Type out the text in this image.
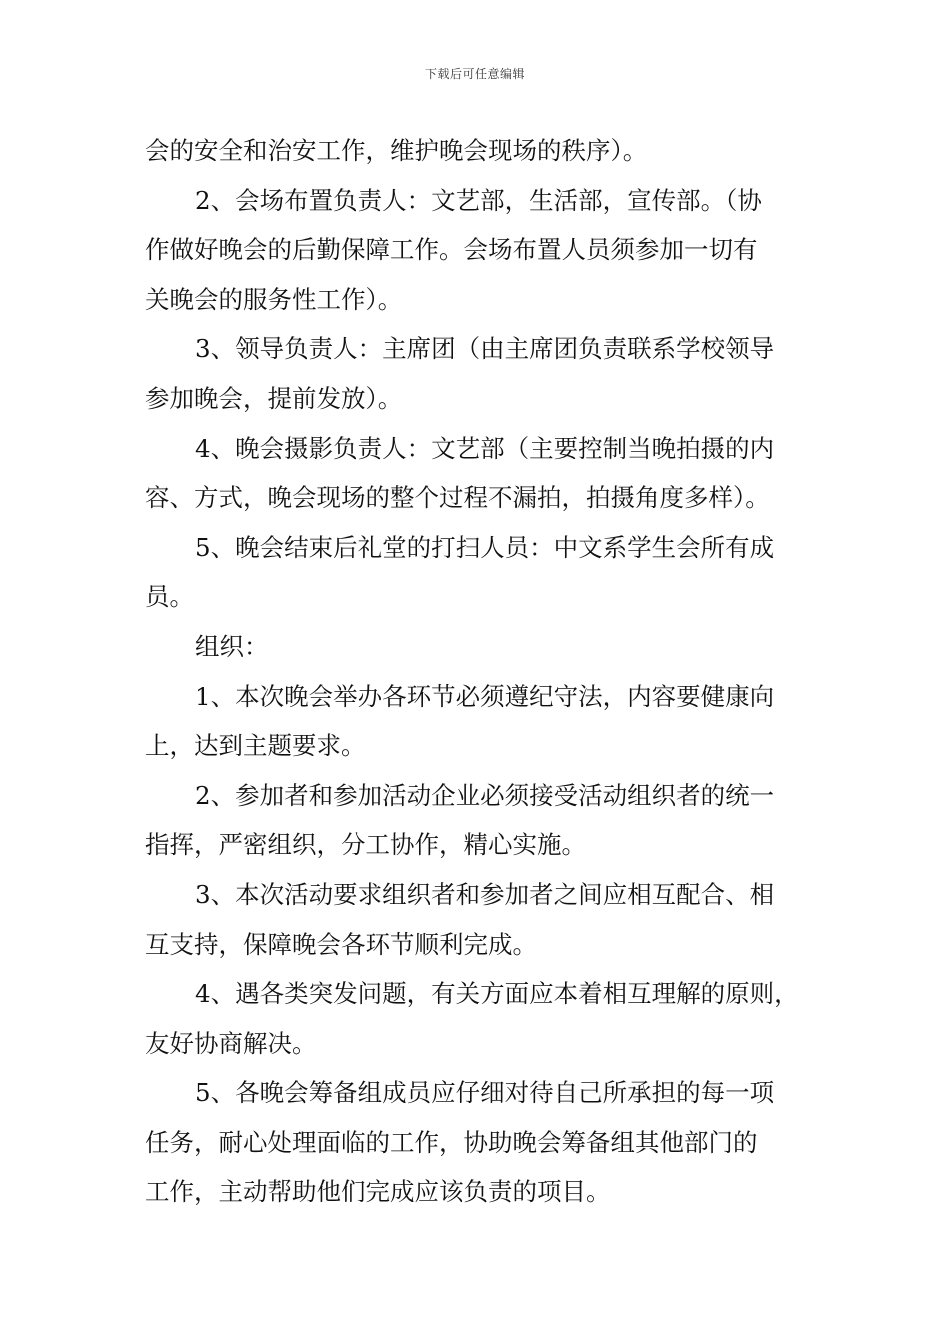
下载后可任意编辑
会的安全和治安工作，维护晚会现场的秩序）。
2、会场布置负责人：文艺部，生活部，宣传部。（协
作做好晚会的后勤保障工作。会场布置人员须参加一切有
关晚会的服务性工作）。
3、领导负责人：主席团（由主席团负责联系学校领导
参加晚会，提前发放）。
4、晚会摄影负责人：文艺部（主要控制当晚拍摄的内
容、方式，晚会现场的整个过程不漏拍，拍摄角度多样）。
5、晚会结束后礼堂的打扫人员：中文系学生会所有成
员。
组织：
1、本次晚会举办各环节必须遵纪守法，内容要健康向
上，达到主题要求。
2、参加者和参加活动企业必须接受活动组织者的统一
指挥，严密组织，分工协作，精心实施。
3、本次活动要求组织者和参加者之间应相互配合、相
互支持，保障晚会各环节顺利完成。
4、遇各类突发问题，有关方面应本着相互理解的原则，
友好协商解决。
5、各晚会筹备组成员应仔细对待自己所承担的每一项
任务，耐心处理面临的工作，协助晚会筹备组其他部门的
工作，主动帮助他们完成应该负责的项目。
